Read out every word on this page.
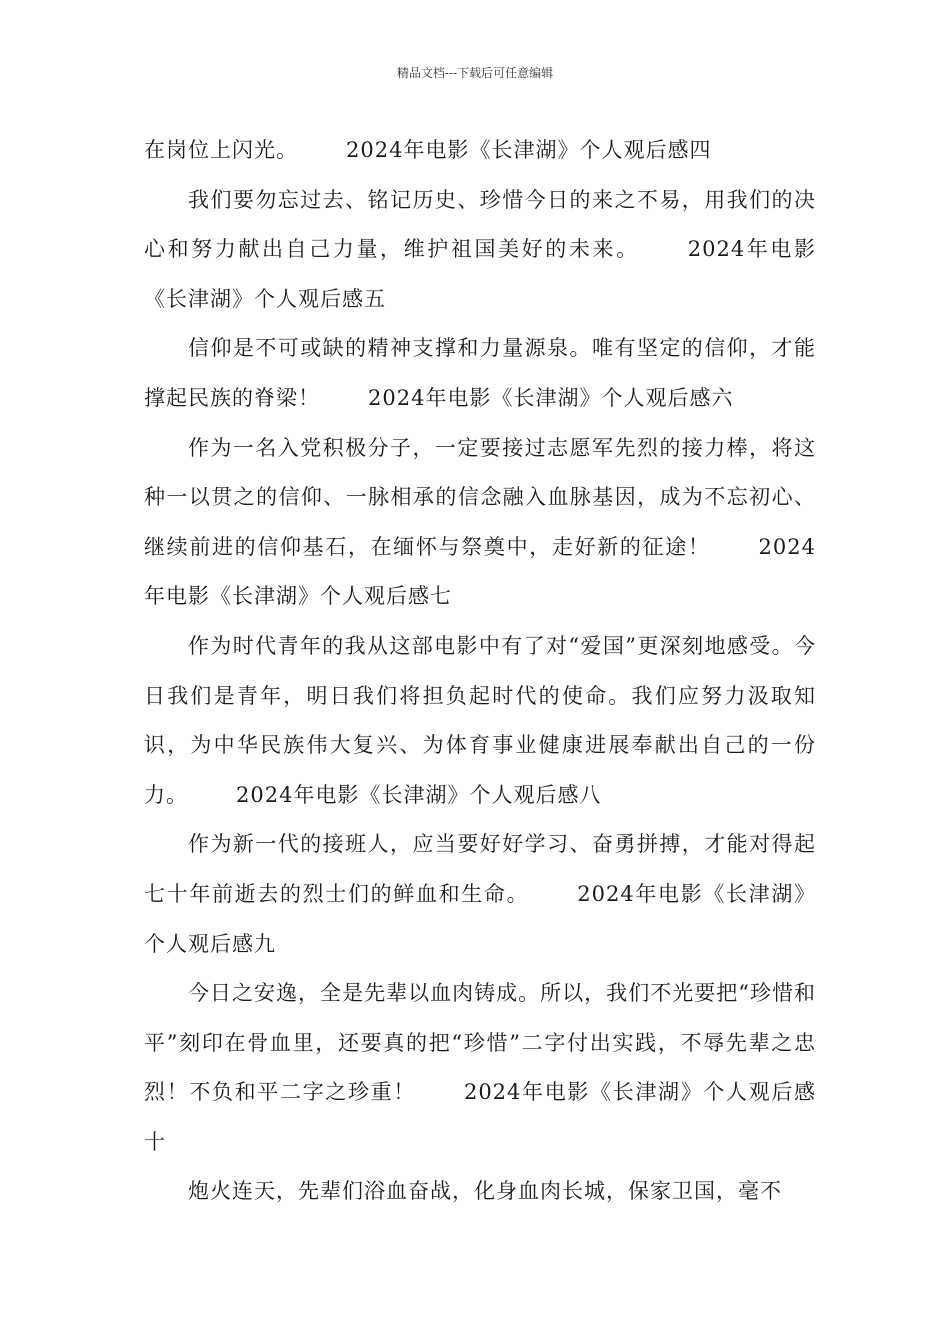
精品文档---下载后可任意编辑

在岗位上闪光。 2024年电影《长津湖》个人观后感四

我们要勿忘过去、铭记历史、珍惜今日的来之不易，用我们的决心和努力献出自己力量，维护祖国美好的未来。 2024年电影《长津湖》个人观后感五

信仰是不可或缺的精神支撑和力量源泉。唯有坚定的信仰，才能撑起民族的脊梁！ 2024年电影《长津湖》个人观后感六

作为一名入党积极分子，一定要接过志愿军先烈的接力棒，将这种一以贯之的信仰、一脉相承的信念融入血脉基因，成为不忘初心、继续前进的信仰基石，在缅怀与祭奠中，走好新的征途！ 2024年电影《长津湖》个人观后感七

作为时代青年的我从这部电影中有了对“爱国”更深刻地感受。今日我们是青年，明日我们将担负起时代的使命。我们应努力汲取知识，为中华民族伟大复兴、为体育事业健康进展奉献出自己的一份力。 2024年电影《长津湖》个人观后感八

作为新一代的接班人，应当要好好学习、奋勇拼搏，才能对得起七十年前逝去的烈士们的鲜血和生命。 2024年电影《长津湖》个人观后感九

今日之安逸，全是先辈以血肉铸成。所以，我们不光要把“珍惜和平”刻印在骨血里，还要真的把“珍惜”二字付出实践，不辱先辈之忠烈！不负和平二字之珍重！ 2024年电影《长津湖》个人观后感十

炮火连天，先辈们浴血奋战，化身血肉长城，保家卫国，毫不
